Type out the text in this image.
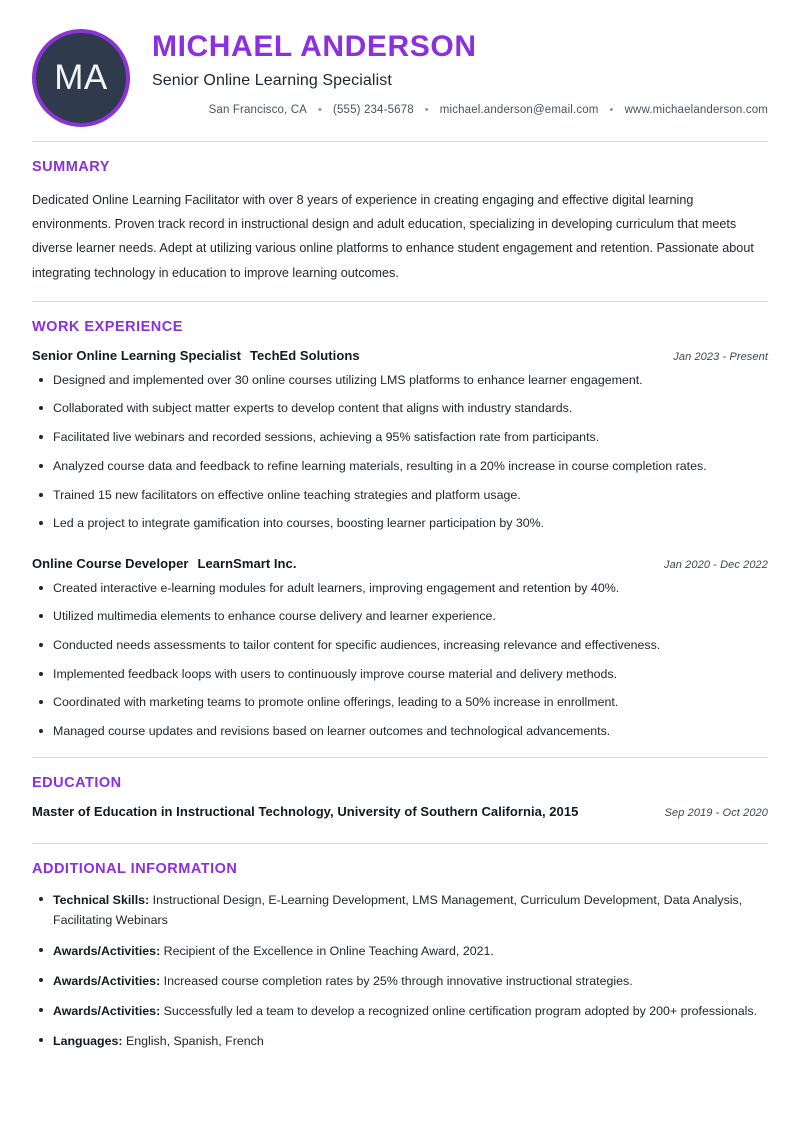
MA
MICHAEL ANDERSON
Senior Online Learning Specialist
San Francisco, CA	• (555) 234-5678	• michael.anderson@email.com	• www.michaelanderson.com
SUMMARY
Dedicated Online Learning Facilitator with over 8 years of experience in creating engaging and effective digital learning environments. Proven track record in instructional design and adult education, specializing in developing curriculum that meets diverse learner needs. Adept at utilizing various online platforms to enhance student engagement and retention. Passionate about integrating technology in education to improve learning outcomes.
WORK EXPERIENCE
Senior Online Learning Specialist TechEd Solutions	Jan 2023 - Present
Designed and implemented over 30 online courses utilizing LMS platforms to enhance learner engagement.
Collaborated with subject matter experts to develop content that aligns with industry standards.
Facilitated live webinars and recorded sessions, achieving a 95% satisfaction rate from participants.
Analyzed course data and feedback to refine learning materials, resulting in a 20% increase in course completion rates.
Trained 15 new facilitators on effective online teaching strategies and platform usage.
Led a project to integrate gamification into courses, boosting learner participation by 30%.
Online Course Developer LearnSmart Inc.	Jan 2020 - Dec 2022
Created interactive e-learning modules for adult learners, improving engagement and retention by 40%.
Utilized multimedia elements to enhance course delivery and learner experience.
Conducted needs assessments to tailor content for specific audiences, increasing relevance and effectiveness.
Implemented feedback loops with users to continuously improve course material and delivery methods.
Coordinated with marketing teams to promote online offerings, leading to a 50% increase in enrollment.
Managed course updates and revisions based on learner outcomes and technological advancements.
EDUCATION
Master of Education in Instructional Technology, University of Southern California, 2015	Sep 2019 - Oct 2020
ADDITIONAL INFORMATION
Technical Skills: Instructional Design, E-Learning Development, LMS Management, Curriculum Development, Data Analysis, Facilitating Webinars
Awards/Activities: Recipient of the Excellence in Online Teaching Award, 2021.
Awards/Activities: Increased course completion rates by 25% through innovative instructional strategies.
Awards/Activities: Successfully led a team to develop a recognized online certification program adopted by 200+ professionals.
Languages: English, Spanish, French
